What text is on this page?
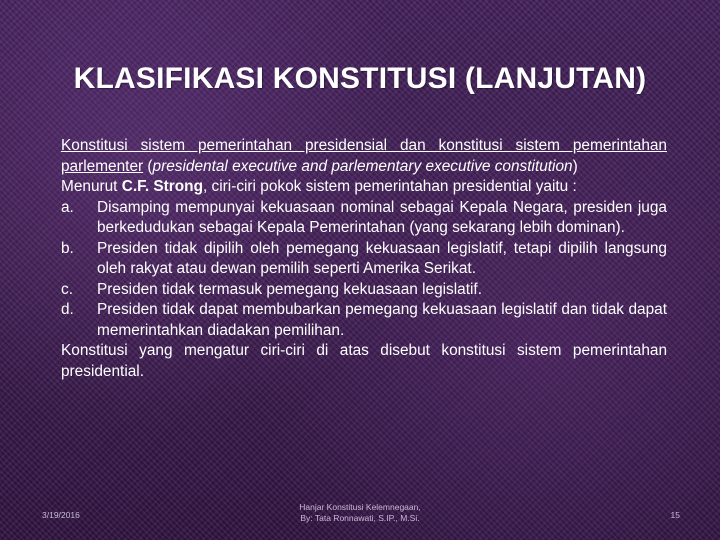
KLASIFIKASI KONSTITUSI (LANJUTAN)
Konstitusi sistem pemerintahan presidensial dan konstitusi sistem pemerintahan parlementer (presidental executive and parlementary executive constitution)
Menurut C.F. Strong, ciri-ciri pokok sistem pemerintahan presidential yaitu :
a.	Disamping mempunyai kekuasaan nominal sebagai Kepala Negara, presiden juga berkedudukan sebagai Kepala Pemerintahan (yang sekarang lebih dominan).
b.	Presiden tidak dipilih oleh pemegang kekuasaan legislatif, tetapi dipilih langsung oleh rakyat atau dewan pemilih seperti Amerika Serikat.
c.	Presiden tidak termasuk pemegang kekuasaan legislatif.
d.	Presiden tidak dapat membubarkan pemegang kekuasaan legislatif dan tidak dapat memerintahkan diadakan pemilihan.
Konstitusi yang mengatur ciri-ciri di atas disebut konstitusi sistem pemerintahan presidential.
3/19/2016
Hanjar Konstitusi Kelemnegaan,
By: Tata Ronnawati, S.IP., M.Si.	15
